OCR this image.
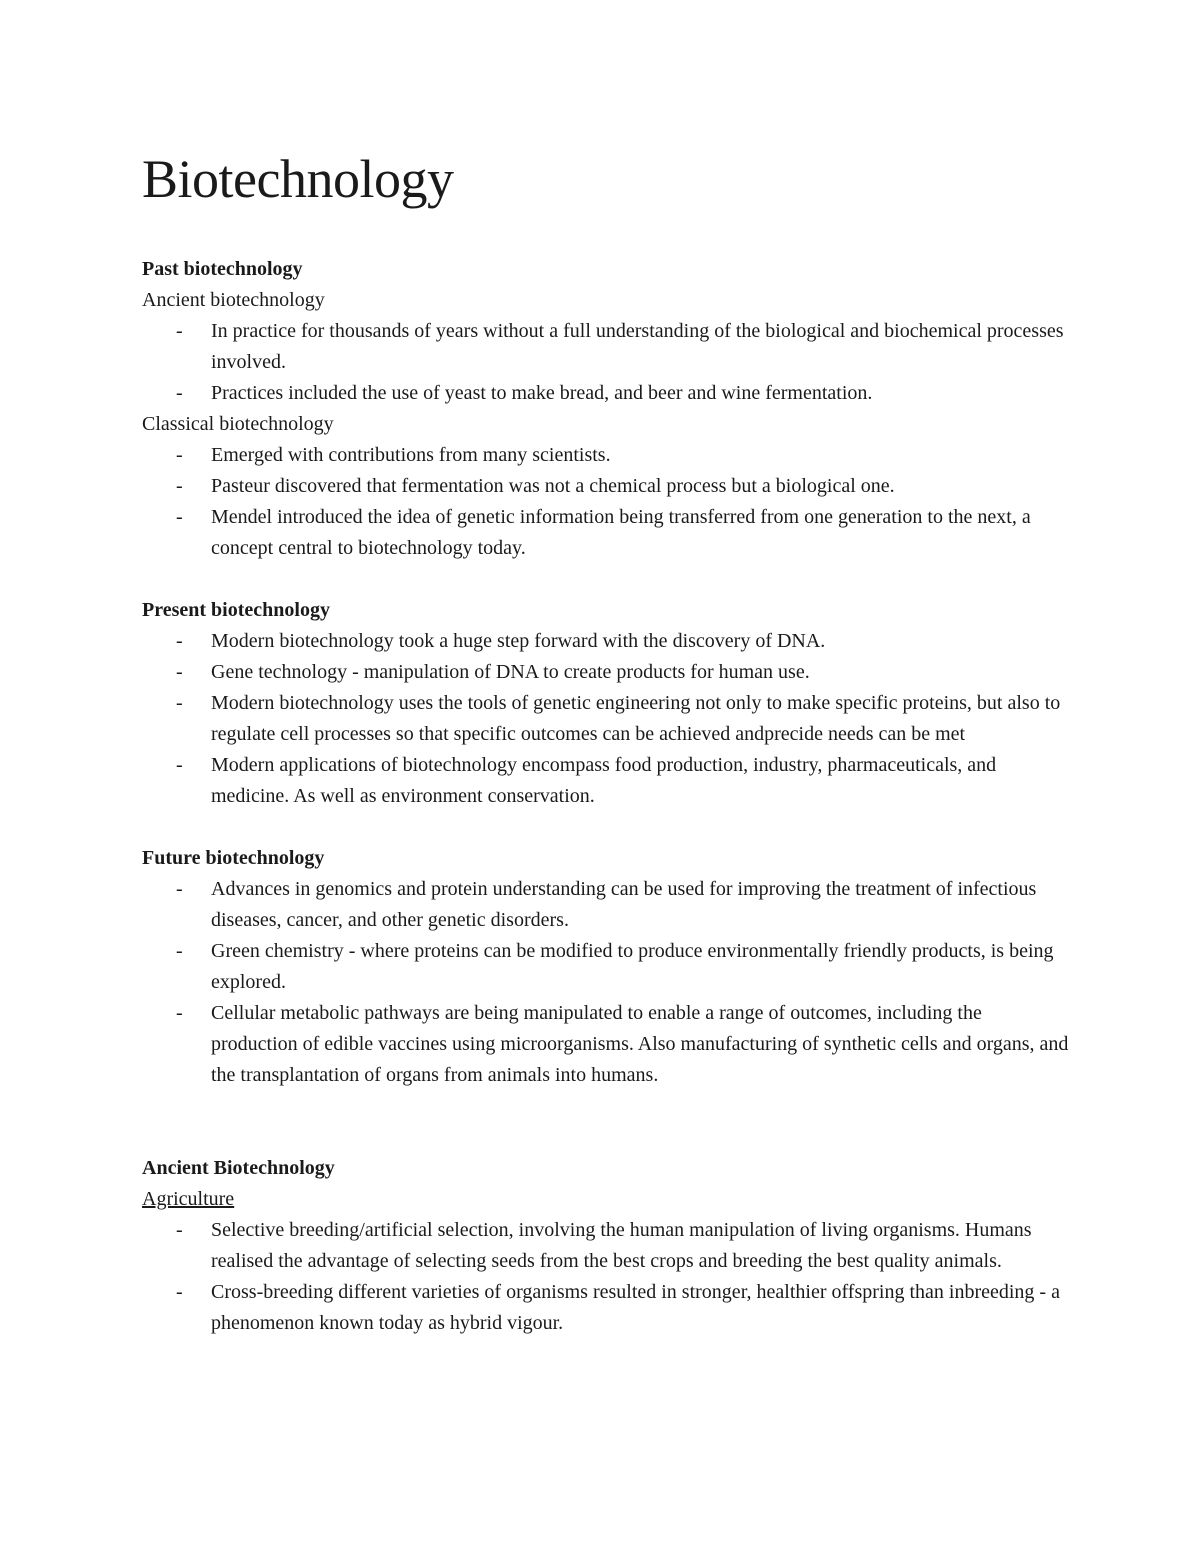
Biotechnology

Past biotechnology

Ancient biotechnology

- In practice for thousands of years without a full understanding of the biological and biochemical processes involved.
- Practices included the use of yeast to make bread, and beer and wine fermentation.

Classical biotechnology

- Emerged with contributions from many scientists.
- Pasteur discovered that fermentation was not a chemical process but a biological one.
- Mendel introduced the idea of genetic information being transferred from one generation to the next, a concept central to biotechnology today.

Present biotechnology

- Modern biotechnology took a huge step forward with the discovery of DNA.
- Gene technology - manipulation of DNA to create products for human use.
- Modern biotechnology uses the tools of genetic engineering not only to make specific proteins, but also to regulate cell processes so that specific outcomes can be achieved andprecide needs can be met
- Modern applications of biotechnology encompass food production, industry, pharmaceuticals, and medicine. As well as environment conservation.

Future biotechnology

- Advances in genomics and protein understanding can be used for improving the treatment of infectious diseases, cancer, and other genetic disorders.
- Green chemistry - where proteins can be modified to produce environmentally friendly products, is being explored.
- Cellular metabolic pathways are being manipulated to enable a range of outcomes, including the production of edible vaccines using microorganisms. Also manufacturing of synthetic cells and organs, and the transplantation of organs from animals into humans.

Ancient Biotechnology

Agriculture

- Selective breeding/artificial selection, involving the human manipulation of living organisms. Humans realised the advantage of selecting seeds from the best crops and breeding the best quality animals.
- Cross-breeding different varieties of organisms resulted in stronger, healthier offspring than inbreeding - a phenomenon known today as hybrid vigour.
